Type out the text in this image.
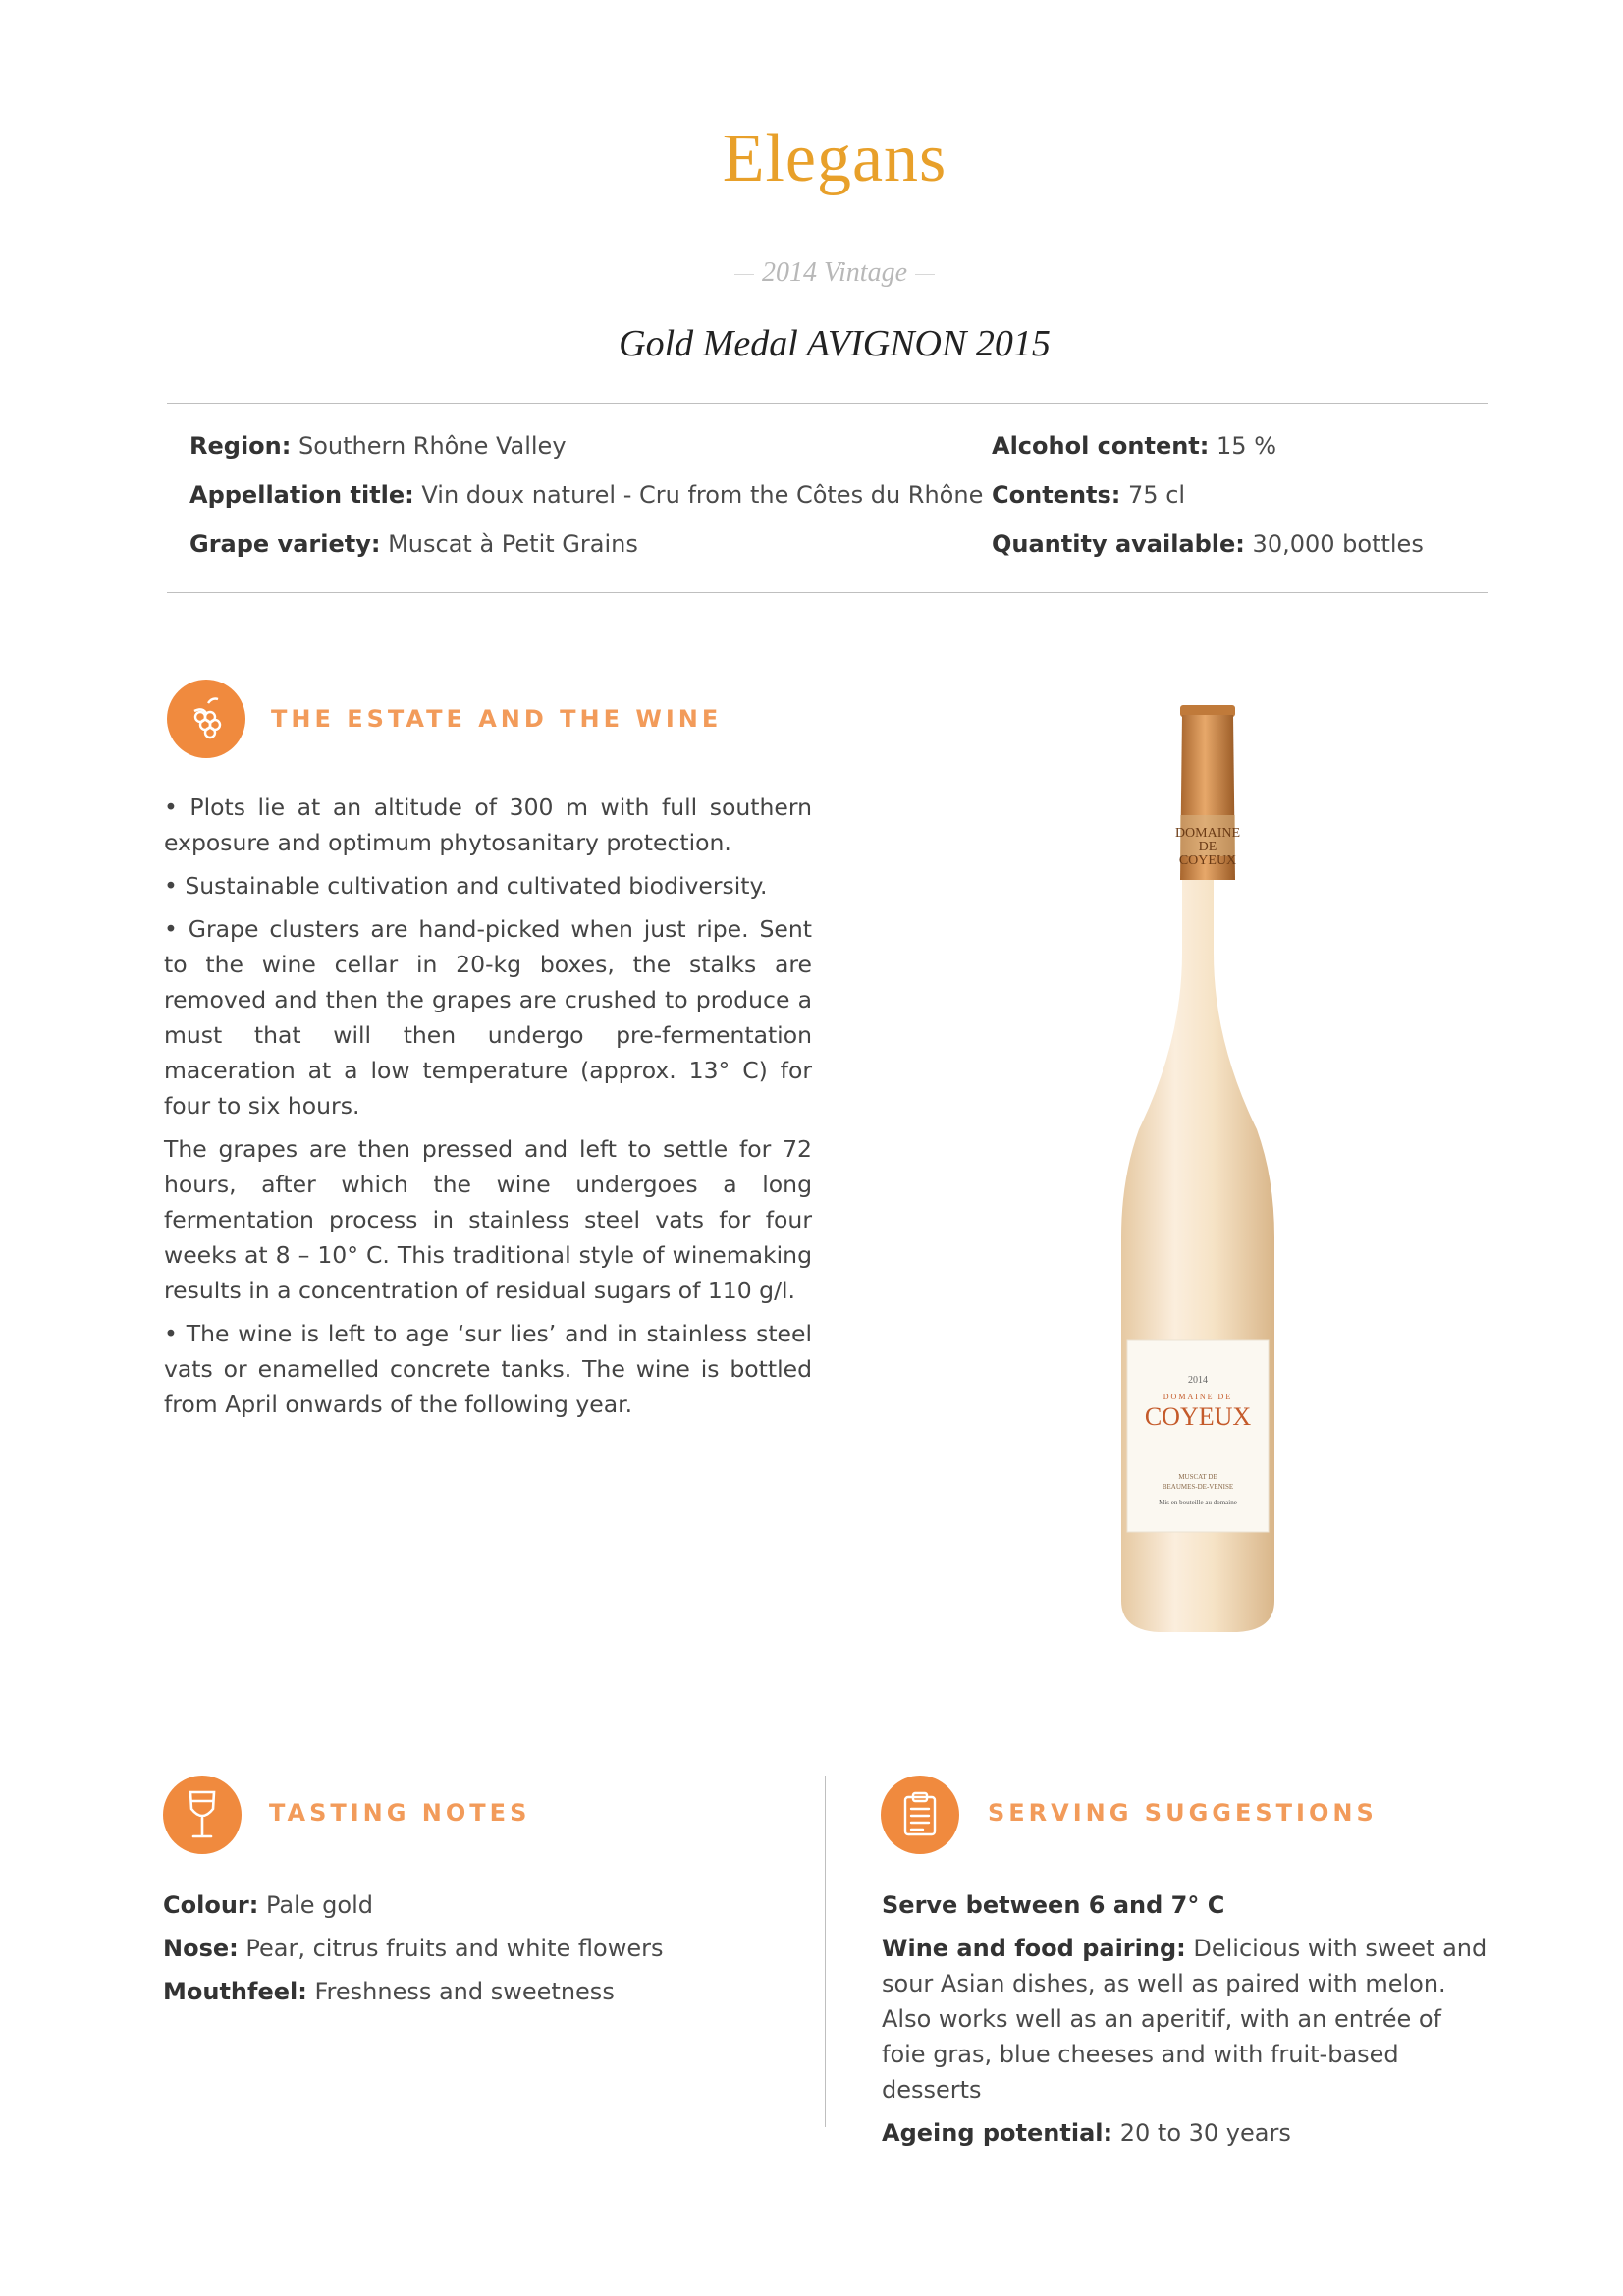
Elegans
2014 Vintage
Gold Medal AVIGNON 2015
Region: Southern Rhône Valley
Appellation title: Vin doux naturel - Cru from the Côtes du Rhône
Grape variety: Muscat à Petit Grains
Alcohol content: 15 %
Contents: 75 cl
Quantity available: 30,000 bottles
THE ESTATE AND THE WINE

• Plots lie at an altitude of 300 m with full southern exposure and optimum phytosanitary protection.

• Sustainable cultivation and cultivated biodiversity.

• Grape clusters are hand-picked when just ripe. Sent to the wine cellar in 20-kg boxes, the stalks are removed and then the grapes are crushed to produce a must that will then undergo pre-fermentation maceration at a low temperature (approx. 13° C) for four to six hours.

The grapes are then pressed and left to settle for 72 hours, after which the wine undergoes a long fermentation process in stainless steel vats for four weeks at 8 – 10° C. This traditional style of winemaking results in a concentration of residual sugars of 110 g/l.

• The wine is left to age ‘sur lies’ and in stainless steel vats or enamelled concrete tanks. The wine is bottled from April onwards of the following year.

DOMAINE DE COYEUX
2014
DOMAINE DE
COYEUX
MUSCAT DE
BEAUMES-DE-VENISE
Mis en bouteille au domaine
TASTING NOTES
Colour: Pale gold
Nose: Pear, citrus fruits and white flowers
Mouthfeel: Freshness and sweetness
SERVING SUGGESTIONS

Serve between 6 and 7° C

Wine and food pairing: Delicious with sweet and sour Asian dishes, as well as paired with melon. Also works well as an aperitif, with an entrée of foie gras, blue cheeses and with fruit-based desserts

Ageing potential: 20 to 30 years
